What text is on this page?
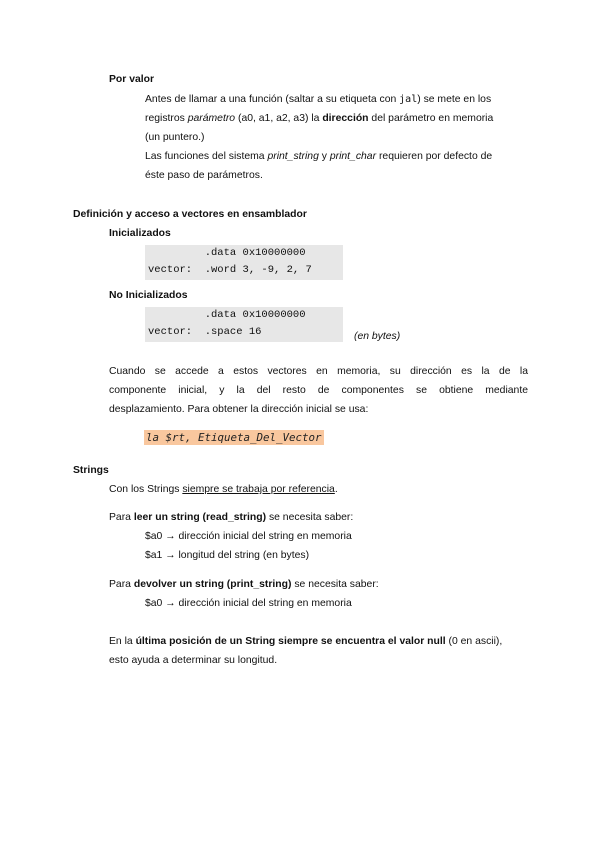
Por valor
Antes de llamar a una función (saltar a su etiqueta con jal) se mete en los
registros parámetro (a0, a1, a2, a3) la dirección del parámetro en memoria
(un puntero.)
Las funciones del sistema print_string y print_char requieren por defecto de
éste paso de parámetros.
Definición y acceso a vectores en ensamblador
Inicializados
.data 0x10000000
vector:  .word 3, -9, 2, 7
No Inicializados
.data 0x10000000
vector:  .space 16	(en bytes)
Cuando se accede a estos vectores en memoria, su dirección es la de la
componente inicial, y la del resto de componentes se obtiene mediante
desplazamiento. Para obtener la dirección inicial se usa:
la $rt, Etiqueta_Del_Vector
Strings
Con los Strings siempre se trabaja por referencia.
Para leer un string (read_string) se necesita saber:
$a0 → dirección inicial del string en memoria
$a1 → longitud del string (en bytes)
Para devolver un string (print_string) se necesita saber:
$a0 → dirección inicial del string en memoria
En la última posición de un String siempre se encuentra el valor null (0 en ascii),
esto ayuda a determinar su longitud.
